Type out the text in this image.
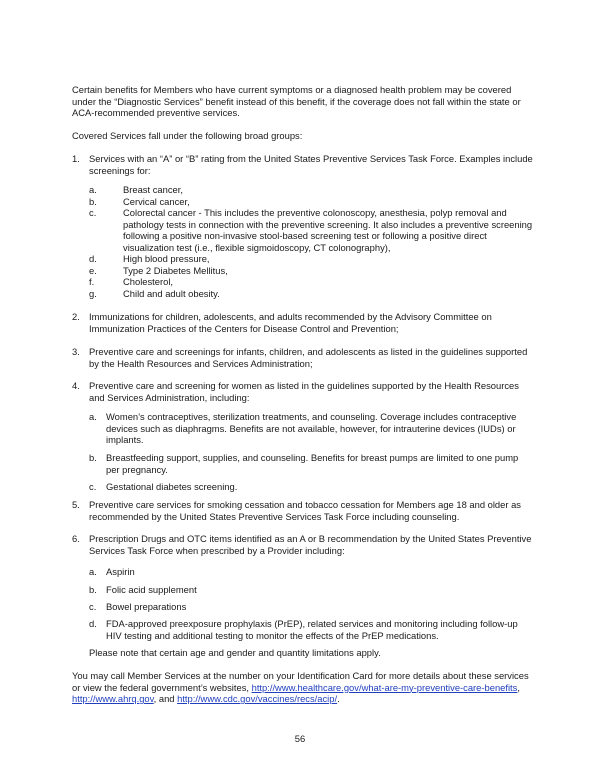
Certain benefits for Members who have current symptoms or a diagnosed health problem may be covered under the “Diagnostic Services” benefit instead of this benefit, if the coverage does not fall within the state or ACA-recommended preventive services.

Covered Services fall under the following broad groups:

1. Services with an “A” or “B” rating from the United States Preventive Services Task Force. Examples include screenings for:
a.	Breast cancer,
b.	Cervical cancer,
c.	Colorectal cancer - This includes the preventive colonoscopy, anesthesia, polyp removal and pathology tests in connection with the preventive screening. It also includes a preventive screening following a positive non-invasive stool-based screening test or following a positive direct visualization test (i.e., flexible sigmoidoscopy, CT colonography),
d.	High blood pressure,
e.	Type 2 Diabetes Mellitus,
f.	Cholesterol,
g.	Child and adult obesity.
2. Immunizations for children, adolescents, and adults recommended by the Advisory Committee on Immunization Practices of the Centers for Disease Control and Prevention;
3. Preventive care and screenings for infants, children, and adolescents as listed in the guidelines supported by the Health Resources and Services Administration;
4. Preventive care and screening for women as listed in the guidelines supported by the Health Resources and Services Administration, including:
a. Women’s contraceptives, sterilization treatments, and counseling. Coverage includes contraceptive devices such as diaphragms. Benefits are not available, however, for intrauterine devices (IUDs) or implants.
b. Breastfeeding support, supplies, and counseling. Benefits for breast pumps are limited to one pump per pregnancy.
c. Gestational diabetes screening.
5. Preventive care services for smoking cessation and tobacco cessation for Members age 18 and older as recommended by the United States Preventive Services Task Force including counseling.
6. Prescription Drugs and OTC items identified as an A or B recommendation by the United States Preventive Services Task Force when prescribed by a Provider including:
a. Aspirin
b. Folic acid supplement
c. Bowel preparations
d. FDA-approved preexposure prophylaxis (PrEP), related services and monitoring including follow-up HIV testing and additional testing to monitor the effects of the PrEP medications.

Please note that certain age and gender and quantity limitations apply.

You may call Member Services at the number on your Identification Card for more details about these services or view the federal government’s websites, http://www.healthcare.gov/what-are-my-preventive-care-benefits, http://www.ahrq.gov, and http://www.cdc.gov/vaccines/recs/acip/.

56
